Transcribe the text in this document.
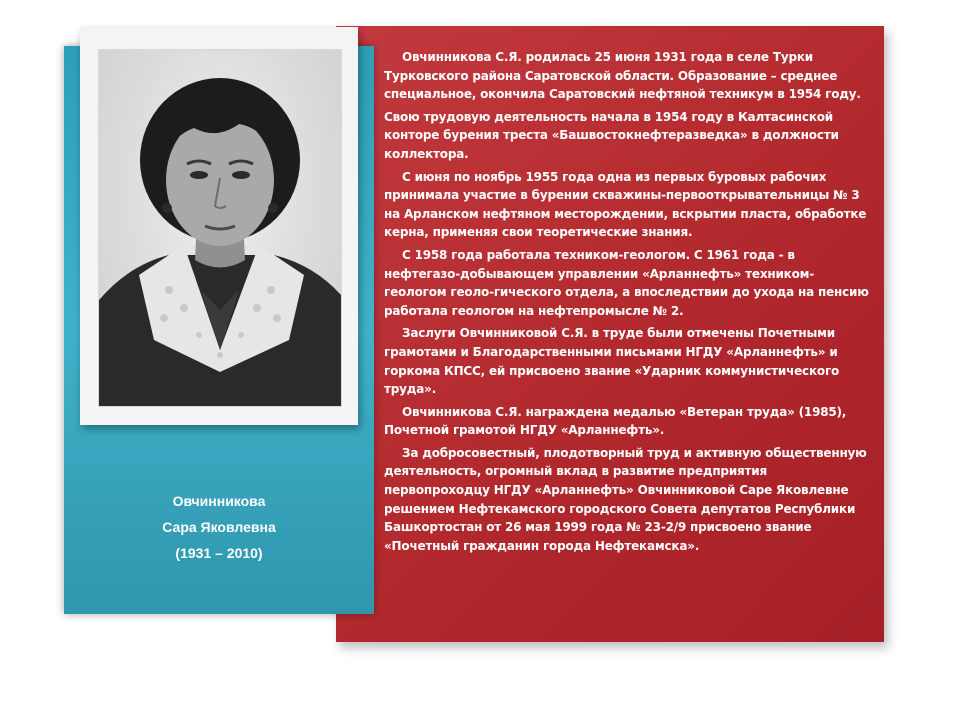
Овчинникова
Сара Яковлевна
(1931 – 2010)

Овчинникова С.Я. родилась 25 июня 1931 года в селе Турки Турковского района Саратовской области. Образование – среднее специальное, окончила Саратовский нефтяной техникум в 1954 году.

Свою трудовую деятельность начала в 1954 году в Калтасинской конторе бурения треста «Башвостокнефтеразведка» в должности коллектора.

С июня по ноябрь 1955 года одна из первых буровых рабочих принимала участие в бурении скважины-первооткрывательницы № 3 на Арланском нефтяном месторождении, вскрытии пласта, обработке керна, применяя свои теоретические знания.

С 1958 года работала техником-геологом. С 1961 года - в нефтегазо-добывающем управлении «Арланнефть» техником-геологом геоло-гического отдела, а впоследствии до ухода на пенсию работала геологом на нефтепромысле № 2.

Заслуги Овчинниковой С.Я. в труде были отмечены Почетными грамотами и Благодарственными письмами НГДУ «Арланнефть» и горкома КПСС, ей присвоено звание «Ударник коммунистического труда».

Овчинникова С.Я. награждена медалью «Ветеран труда» (1985), Почетной грамотой НГДУ «Арланнефть».

За добросовестный, плодотворный труд и активную общественную деятельность, огромный вклад в развитие предприятия первопроходцу НГДУ «Арланнефть» Овчинниковой Саре Яковлевне решением Нефтекамского городского Совета депутатов Республики Башкортостан от 26 мая 1999 года № 23-2/9 присвоено звание «Почетный гражданин города Нефтекамска».
